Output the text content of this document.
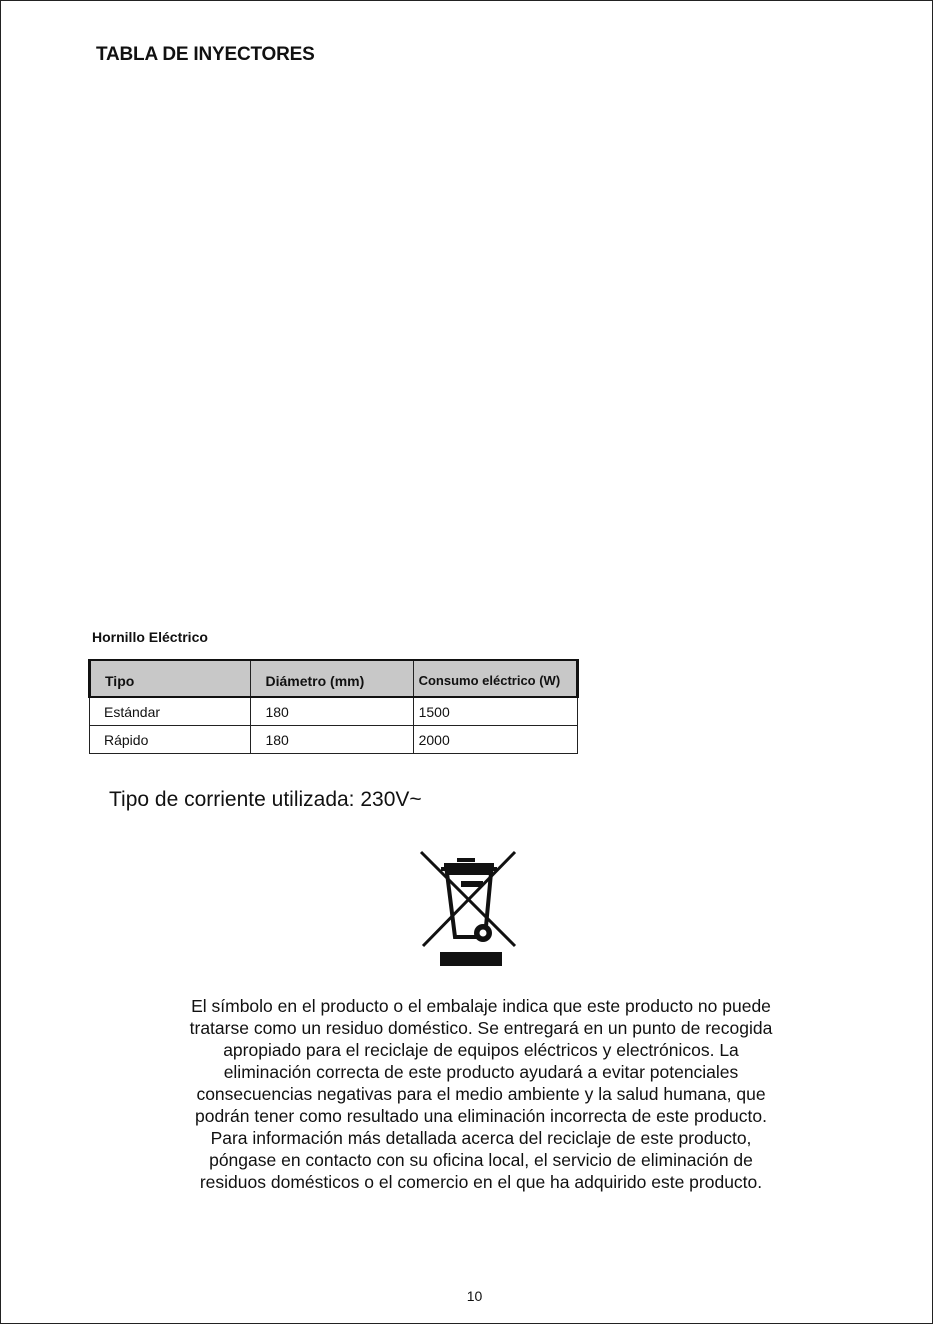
TABLA DE INYECTORES
Hornillo Eléctrico
Tipo	Diámetro (mm)	Consumo eléctrico (W)
Estándar	180	1500
Rápido	180	2000
Tipo de corriente utilizada: 230V~
El símbolo en el producto o el embalaje indica que este producto no puede
tratarse como un residuo doméstico. Se entregará en un punto de recogida
apropiado para el reciclaje de equipos eléctricos y electrónicos. La
eliminación correcta de este producto ayudará a evitar potenciales
consecuencias negativas para el medio ambiente y la salud humana, que
podrán tener como resultado una eliminación incorrecta de este producto.
Para información más detallada acerca del reciclaje de este producto,
póngase en contacto con su oficina local, el servicio de eliminación de
residuos domésticos o el comercio en el que ha adquirido este producto.
10
